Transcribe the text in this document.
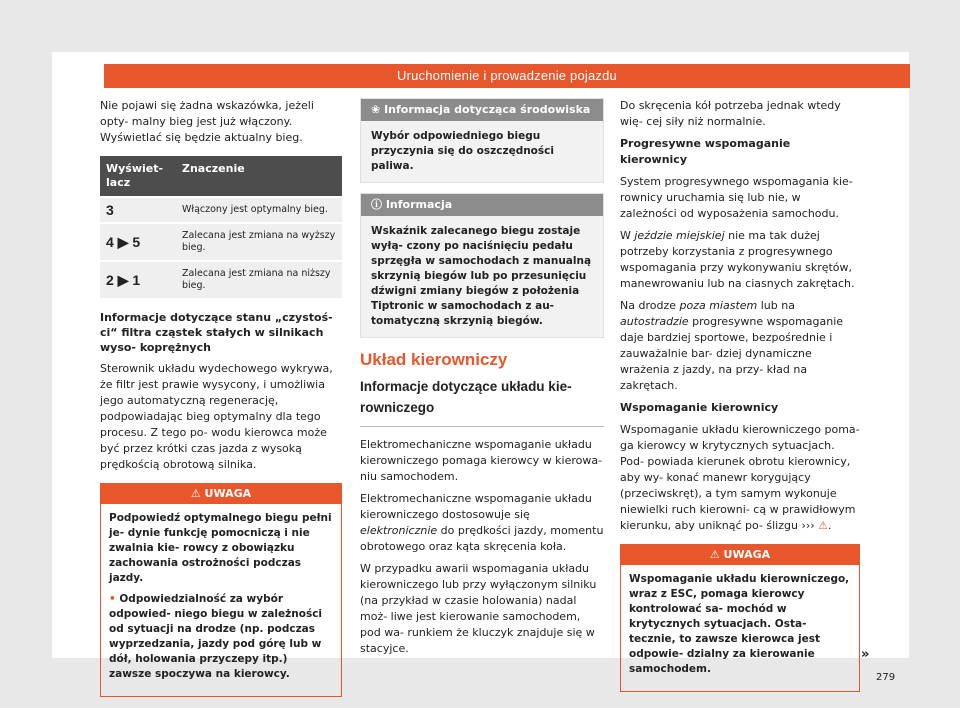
Uruchomienie i prowadzenie pojazdu

Nie pojawi się żadna wskazówka, jeżeli opty- malny bieg jest już włączony. Wyświetlać się będzie aktualny bieg.

Wyświet- lacz	Znaczenie
3	Włączony jest optymalny bieg.
4 ▶ 5	Zalecana jest zmiana na wyższy bieg.
2 ▶ 1	Zalecana jest zmiana na niższy bieg.
Informacje dotyczące stanu „czystoś- ci“ filtra cząstek stałych w silnikach wyso- koprężnych

Sterownik układu wydechowego wykrywa, że filtr jest prawie wysycony, i umożliwia jego automatyczną regenerację, podpowiadając bieg optymalny dla tego procesu. Z tego po- wodu kierowca może być przez krótki czas jazda z wysoką prędkością obrotową silnika.

⚠ UWAGA

Podpowiedź optymalnego biegu pełni je- dynie funkcję pomocniczą i nie zwalnia kie- rowcy z obowiązku zachowania ostrożności podczas jazdy.

• Odpowiedzialność za wybór odpowied- niego biegu w zależności od sytuacji na drodze (np. podczas wyprzedzania, jazdy pod górę lub w dół, holowania przyczepy itp.) zawsze spoczywa na kierowcy.

❀ Informacja dotycząca środowiska
Wybór odpowiedniego biegu przyczynia się do oszczędności paliwa.
ⓘ Informacja
Wskaźnik zalecanego biegu zostaje wyłą- czony po naciśnięciu pedału sprzęgła w samochodach z manualną skrzynią biegów lub po przesunięciu dźwigni zmiany biegów z położenia Tiptronic w samochodach z au- tomatyczną skrzynią biegów.
Układ kierowniczy
Informacje dotyczące układu kie- rowniczego

Elektromechaniczne wspomaganie układu kierowniczego pomaga kierowcy w kierowa- niu samochodem.

Elektromechaniczne wspomaganie układu kierowniczego dostosowuje się elektronicznie do prędkości jazdy, momentu obrotowego oraz kąta skręcenia koła.

W przypadku awarii wspomagania układu kierowniczego lub przy wyłączonym silniku (na przykład w czasie holowania) nadal moż- liwe jest kierowanie samochodem, pod wa- runkiem że kluczyk znajduje się w stacyjce.

Do skręcenia kół potrzeba jednak wtedy wię- cej siły niż normalnie.

Progresywne wspomaganie kierownicy

System progresywnego wspomagania kie- rownicy uruchamia się lub nie, w zależności od wyposażenia samochodu.

W jeździe miejskiej nie ma tak dużej potrzeby korzystania z progresywnego wspomagania przy wykonywaniu skrętów, manewrowaniu lub na ciasnych zakrętach.

Na drodze poza miastem lub na autostradzie progresywne wspomaganie daje bardziej sportowe, bezpośrednie i zauważalnie bar- dziej dynamiczne wrażenia z jazdy, na przy- kład na zakrętach.

Wspomaganie kierownicy

Wspomaganie układu kierowniczego poma- ga kierowcy w krytycznych sytuacjach. Pod- powiada kierunek obrotu kierownicy, aby wy- konać manewr korygujący (przeciwskręt), a tym samym wykonuje niewielki ruch kierowni- cą w prawidłowym kierunku, aby uniknąć po- ślizgu ››› ⚠.

⚠ UWAGA

Wspomaganie układu kierowniczego, wraz z ESC, pomaga kierowcy kontrolować sa- mochód w krytycznych sytuacjach. Osta- tecznie, to zawsze kierowca jest odpowie- dzialny za kierowanie samochodem.

»
279
